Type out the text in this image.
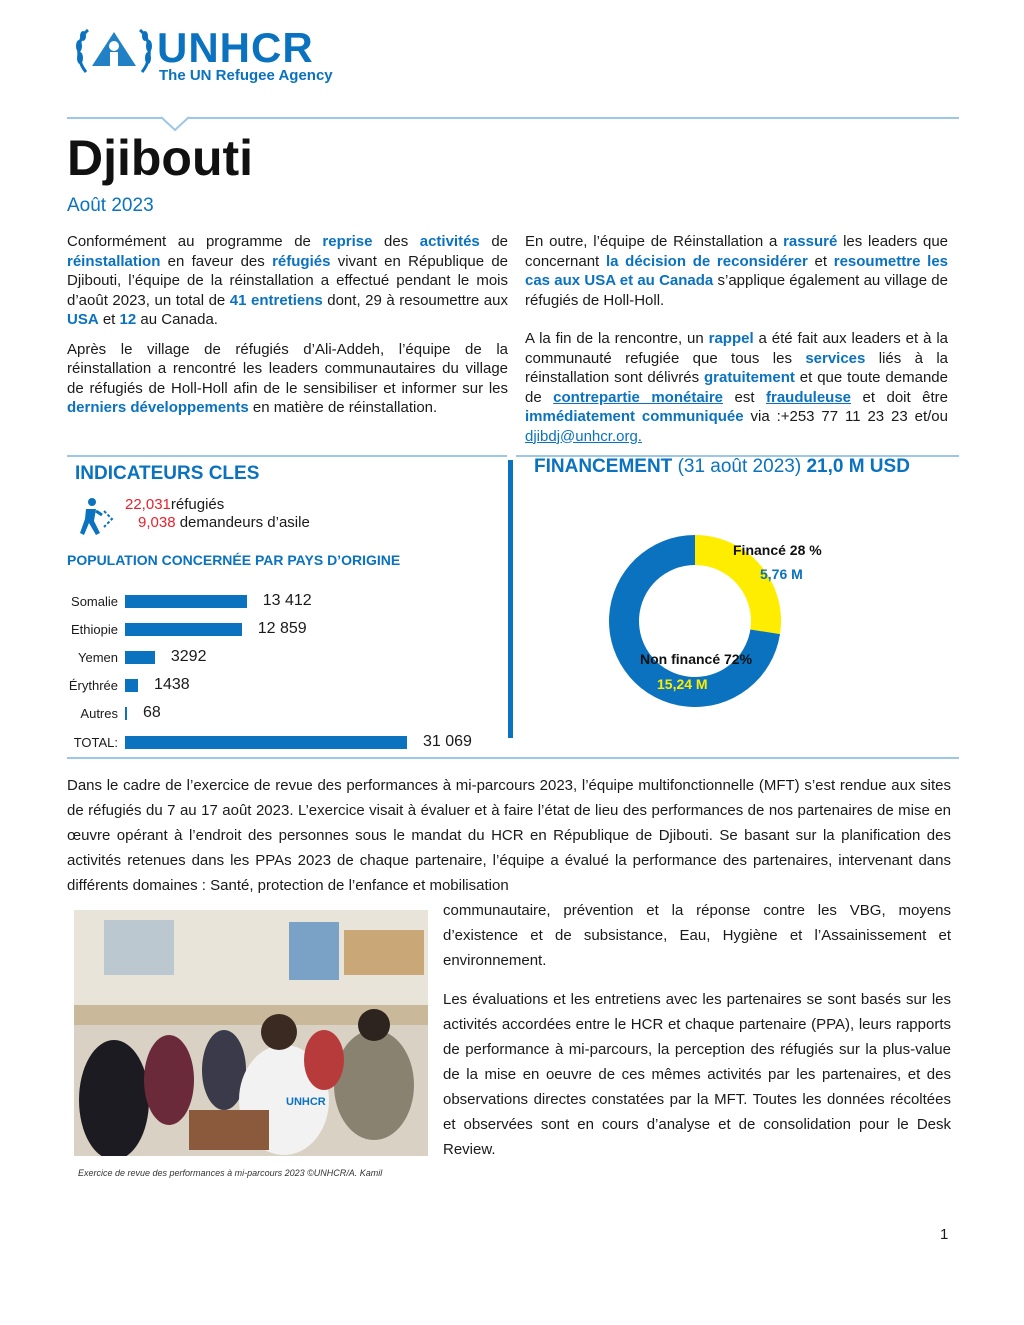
UNHCR
The UN Refugee Agency
Djibouti
Août 2023

Conformément au programme de reprise des activités de réinstallation en faveur des réfugiés vivant en République de Djibouti, l’équipe de la réinstallation a effectué pendant le mois d’août 2023, un total de 41 entretiens dont, 29 à resoumettre aux USA et 12 au Canada.

Après le village de réfugiés d’Ali-Addeh, l’équipe de la réinstallation a rencontré les leaders communautaires du village de réfugiés de Holl-Holl afin de le sensibiliser et informer sur les derniers développements en matière de réinstallation.

En outre, l’équipe de Réinstallation a rassuré les leaders que concernant la décision de reconsidérer et resoumettre les cas aux USA et au Canada s’applique également au village de réfugiés de Holl-Holl.

A la fin de la rencontre, un rappel a été fait aux leaders et à la communauté refugiée que tous les services liés à la réinstallation sont délivrés gratuitement et que toute demande de contrepartie monétaire est frauduleuse et doit être immédiatement communiquée via :+253 77 11 23 23 et/ou djibdj@unhcr.org.

INDICATEURS CLES
22,031réfugiés
9,038 demandeurs d’asile
POPULATION CONCERNÉE PAR PAYS D’ORIGINE
Somalie	13 412
Ethiopie	12 859
Yemen	3292
Érythrée 1438
Autres 68
TOTAL:	31 069
FINANCEMENT (31 août 2023) 21,0 M USD
Financé 28 %
5,76 M
Non financé 72%
15,24 M

Dans le cadre de l’exercice de revue des performances à mi-parcours 2023, l’équipe multifonctionnelle (MFT) s’est rendue aux sites de réfugiés du 7 au 17 août 2023. L’exercice visait à évaluer et à faire l’état de lieu des performances de nos partenaires de mise en œuvre opérant à l’endroit des personnes sous le mandat du HCR en République de Djibouti. Se basant sur la planification des activités retenues dans les PPAs 2023 de chaque partenaire, l’équipe a évalué la performance des partenaires, intervenant dans différents domaines : Santé, protection de l’enfance et mobilisation

UNHCR
Exercice de revue des performances à mi-parcours 2023 ©UNHCR/A. Kamil

communautaire, prévention et la réponse contre les VBG, moyens d’existence et de subsistance, Eau, Hygiène et l’Assainissement et environnement.

Les évaluations et les entretiens avec les partenaires se sont basés sur les activités accordées entre le HCR et chaque partenaire (PPA), leurs rapports de performance à mi-parcours, la perception des réfugiés sur la plus-value de la mise en oeuvre de ces mêmes activités par les partenaires, et des observations directes constatées par la MFT. Toutes les données récoltées et observées sont en cours d’analyse et de consolidation pour le Desk Review.

1
